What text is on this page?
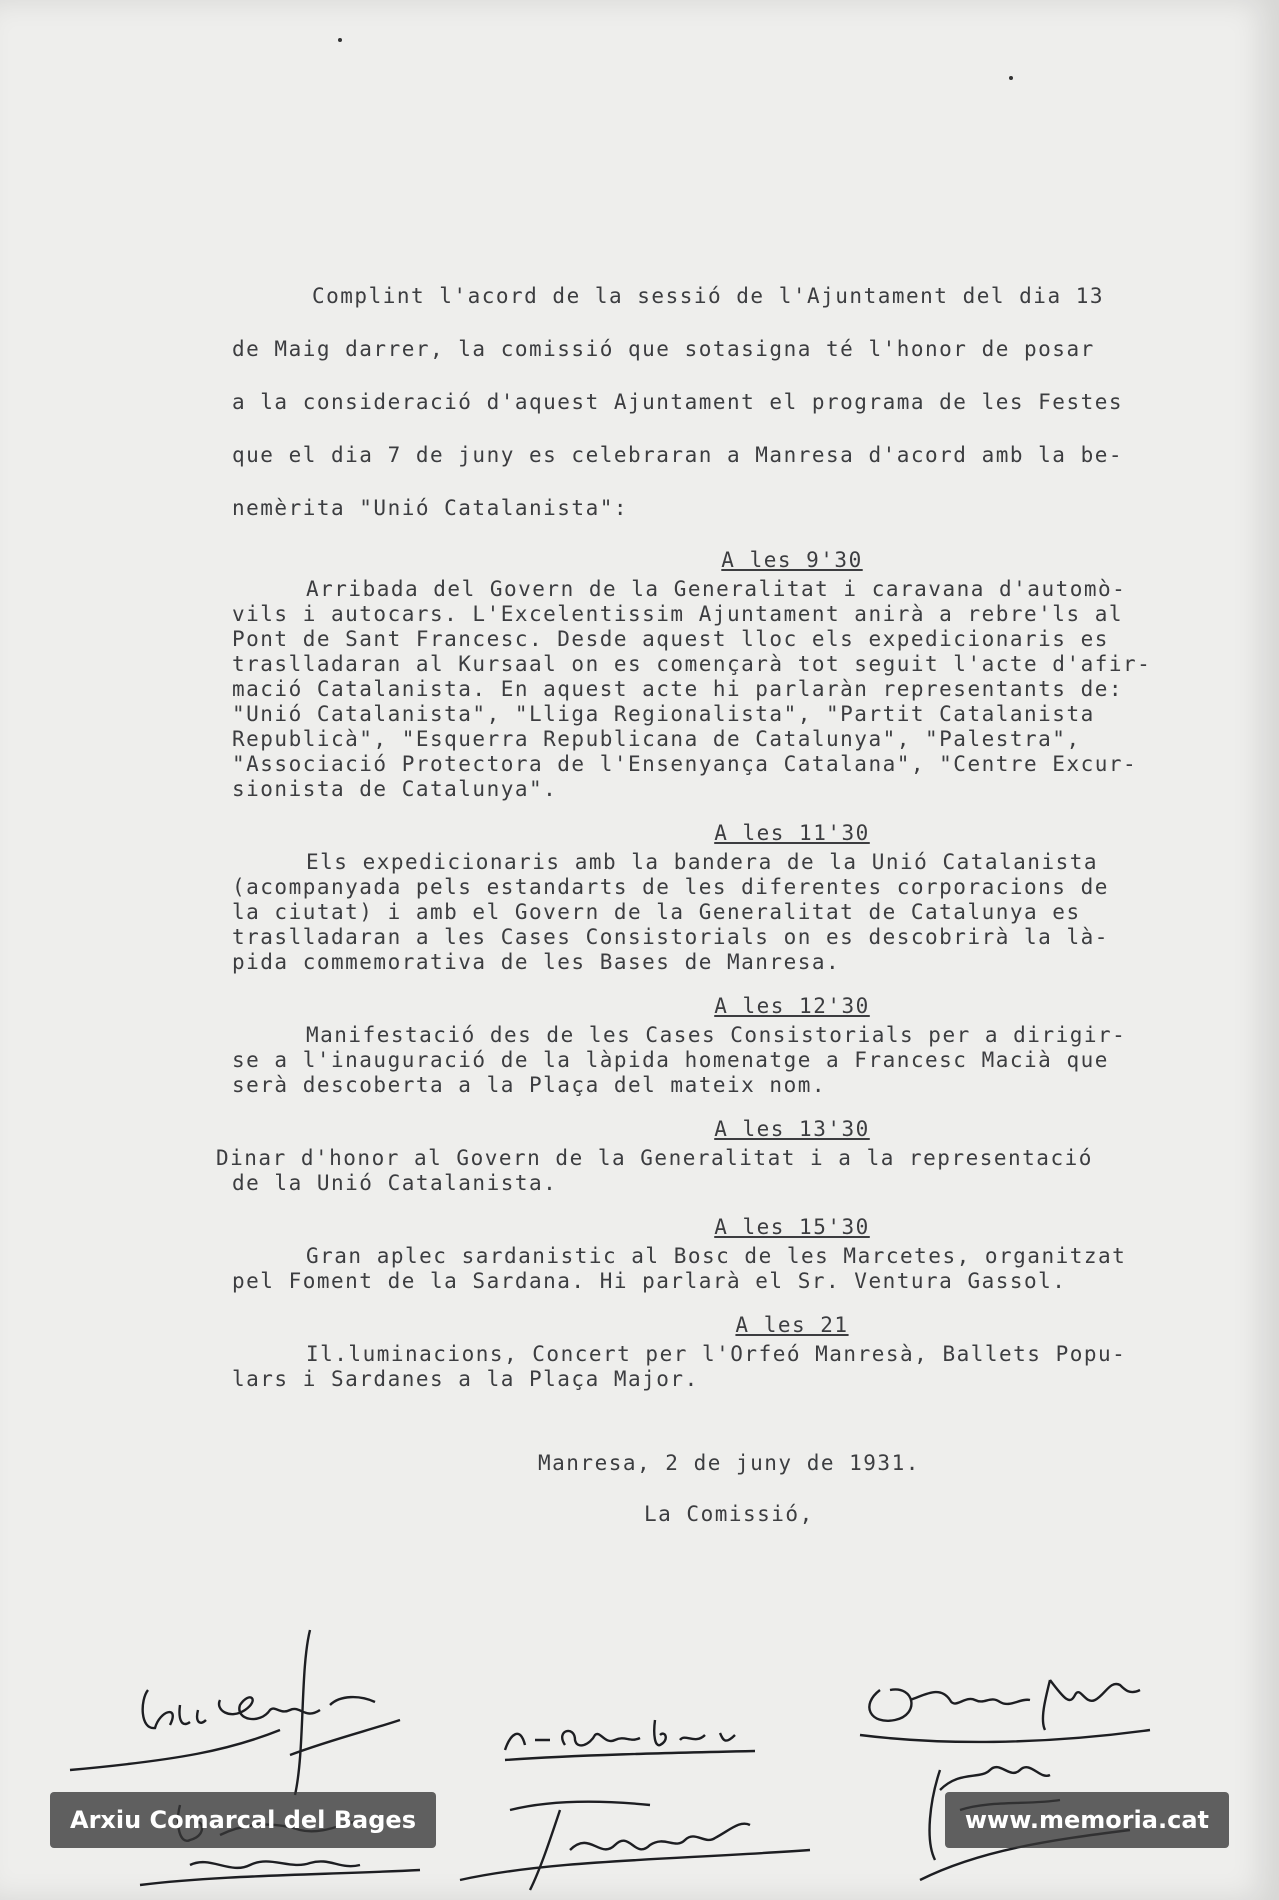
Complint l'acord de la sessió de l'Ajuntament del dia 13

de Maig darrer, la comissió que sotasigna té l'honor de posar

a la consideració d'aquest Ajuntament el programa de les Festes

que el dia 7 de juny es celebraran a Manresa d'acord amb la be-

nemèrita "Unió Catalanista":

A les 9'30

Arribada del Govern de la Generalitat i caravana d'automò-
vils i autocars. L'Excelentissim Ajuntament anirà a rebre'ls al
Pont de Sant Francesc. Desde aquest lloc els expedicionaris es
traslladaran al Kursaal on es començarà tot seguit l'acte d'afir-
mació Catalanista. En aquest acte hi parlaràn representants de:
"Unió Catalanista", "Lliga Regionalista", "Partit Catalanista
Republicà", "Esquerra Republicana de Catalunya", "Palestra",
"Associació Protectora de l'Ensenyança Catalana", "Centre Excur-
sionista de Catalunya".

A les 11'30

Els expedicionaris amb la bandera de la Unió Catalanista
(acompanyada pels estandarts de les diferentes corporacions de
la ciutat) i amb el Govern de la Generalitat de Catalunya es
traslladaran a les Cases Consistorials on es descobrirà la là-
pida commemorativa de les Bases de Manresa.

A les 12'30

Manifestació des de les Cases Consistorials per a dirigir-
se a l'inauguració de la làpida homenatge a Francesc Macià que
serà descoberta a la Plaça del mateix nom.

A les 13'30

Dinar d'honor al Govern de la Generalitat i a la representació
de la Unió Catalanista.

A les 15'30

Gran aplec sardanistic al Bosc de les Marcetes, organitzat
pel Foment de la Sardana. Hi parlarà el Sr. Ventura Gassol.

A les 21

Il.luminacions, Concert per l'Orfeó Manresà, Ballets Popu-
lars i Sardanes a la Plaça Major.

Manresa, 2 de juny de 1931.

La Comissió,

Arxiu Comarcal del Bages	www.memoria.cat
